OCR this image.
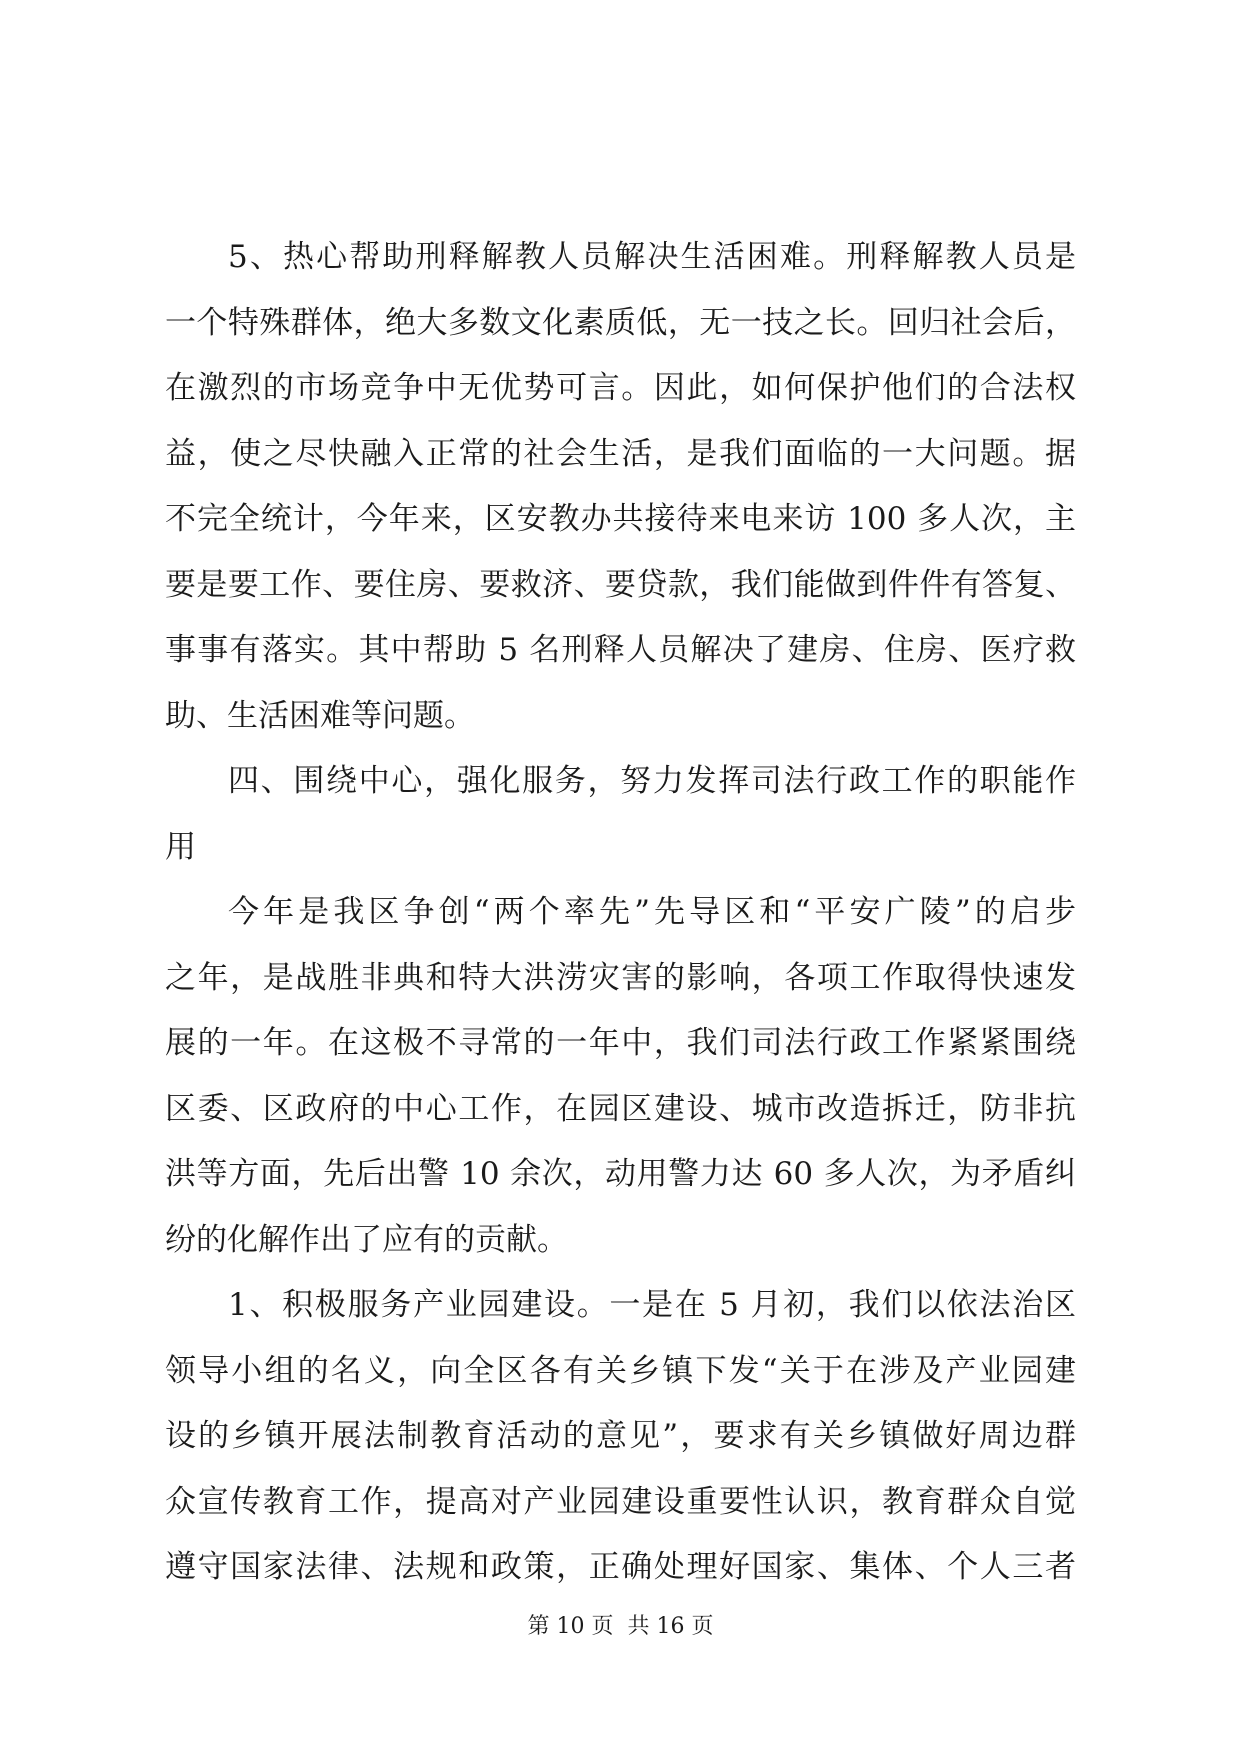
5、热心帮助刑释解教人员解决生活困难。刑释解教人员是
一个特殊群体，绝大多数文化素质低，无一技之长。回归社会后，
在激烈的市场竞争中无优势可言。因此，如何保护他们的合法权
益，使之尽快融入正常的社会生活，是我们面临的一大问题。据
不完全统计，今年来，区安教办共接待来电来访 100 多人次，主
要是要工作、要住房、要救济、要贷款，我们能做到件件有答复、
事事有落实。其中帮助 5 名刑释人员解决了建房、住房、医疗救
助、生活困难等问题。
四、围绕中心，强化服务，努力发挥司法行政工作的职能作
用
今年是我区争创“两个率先”先导区和“平安广陵”的启步
之年，是战胜非典和特大洪涝灾害的影响，各项工作取得快速发
展的一年。在这极不寻常的一年中，我们司法行政工作紧紧围绕
区委、区政府的中心工作，在园区建设、城市改造拆迁，防非抗
洪等方面，先后出警 10 余次，动用警力达 60 多人次，为矛盾纠
纷的化解作出了应有的贡献。
1、积极服务产业园建设。一是在 5 月初，我们以依法治区
领导小组的名义，向全区各有关乡镇下发“关于在涉及产业园建
设的乡镇开展法制教育活动的意见”，要求有关乡镇做好周边群
众宣传教育工作，提高对产业园建设重要性认识，教育群众自觉
遵守国家法律、法规和政策，正确处理好国家、集体、个人三者
第 10 页  共 16 页
